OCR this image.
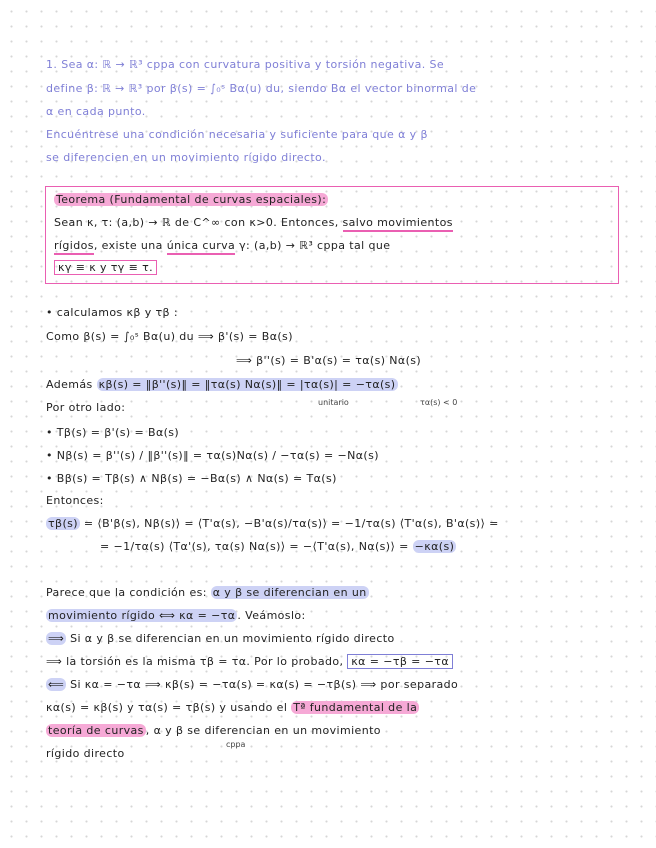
1. Sea α: ℝ → ℝ³ cppa con curvatura positiva y torsión negativa. Se
define β: ℝ → ℝ³ por β(s) = ∫₀ˢ Bα(u) du, siendo Bα el vector binormal de
α en cada punto.
Encuéntrese una condición necesaria y suficiente para que α y β
se diferencien en un movimiento rígido directo.
Teorema (Fundamental de curvas espaciales):
Sean κ, τ: (a,b) → ℝ de C^∞ con κ>0. Entonces, salvo movimientos
rígidos, existe una única curva γ: (a,b) → ℝ³ cppa tal que
κγ ≡ κ y τγ ≡ τ.
• calculamos κβ y τβ :
Como β(s) = ∫₀ˢ Bα(u) du ⟹ β'(s) = Bα(s)
⟹ β''(s) = B'α(s) = τα(s) Nα(s)
Además κβ(s) = ‖β''(s)‖ = ‖τα(s) Nα(s)‖ = |τα(s)| = −τα(s)
unitario	τα(s) < 0
Por otro lado:
• Tβ(s) = β'(s) = Bα(s)
• Nβ(s) = β''(s) / ‖β''(s)‖ = τα(s)Nα(s) / −τα(s) = −Nα(s)
• Bβ(s) = Tβ(s) ∧ Nβ(s) = −Bα(s) ∧ Nα(s) = Tα(s)
Entonces:
τβ(s) = ⟨B'β(s), Nβ(s)⟩ = ⟨T'α(s), −B'α(s)/τα(s)⟩ = −1/τα(s) ⟨T'α(s), B'α(s)⟩ =
= −1/τα(s) ⟨Tα'(s), τα(s) Nα(s)⟩ = −⟨T'α(s), Nα(s)⟩ = −κα(s)
Parece que la condición es: α y β se diferencian en un
movimiento rígido ⟺ κα = −τα . Veámoslo:
⟹ Si α y β se diferencian en un movimiento rígido directo
⟹ la torsión es la misma τβ = τα. Por lo probado, κα = −τβ = −τα
⟸ Si κα = −τα ⟹ κβ(s) = −τα(s) = κα(s) = −τβ(s) ⟹ por separado
κα(s) = κβ(s) y τα(s) = τβ(s) y usando el Tª fundamental de la
teoría de curvas , α y β se diferencian en un movimiento
cppa
rígido directo
